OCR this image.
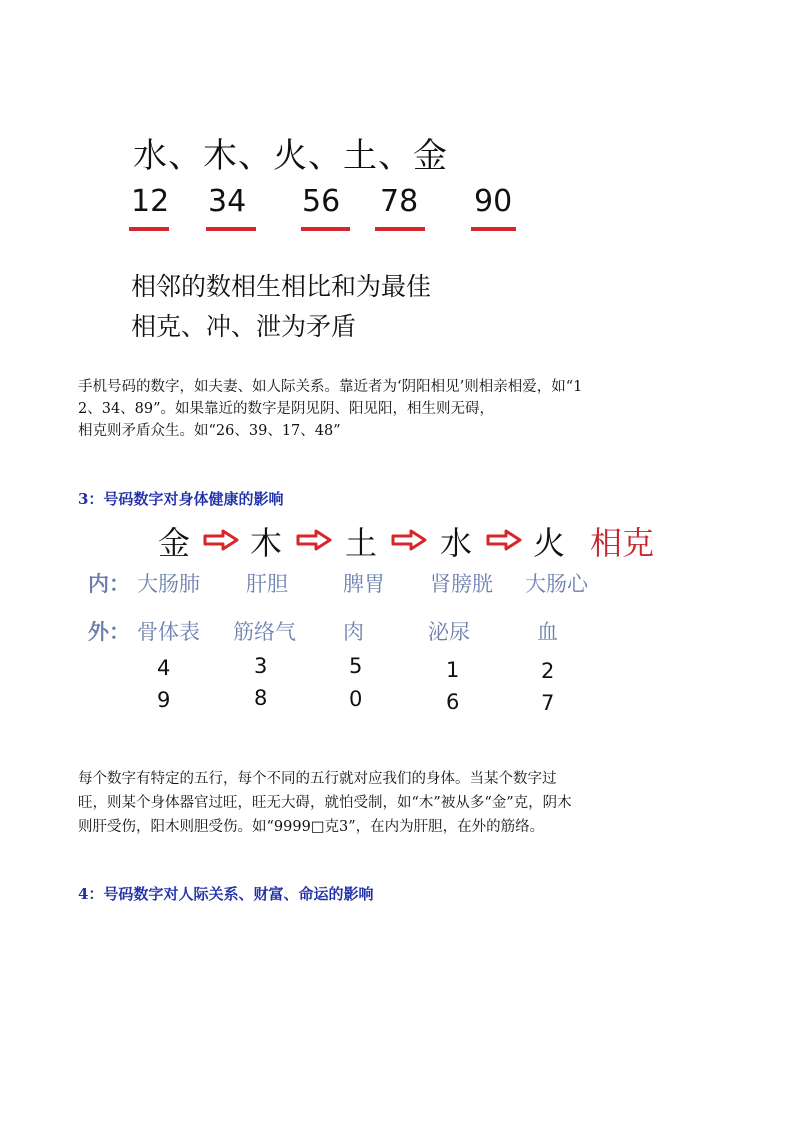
水、木、火、土、金
12 34 56 78 90
相邻的数相生相比和为最佳
相克、冲、泄为矛盾
手机号码的数字，如夫妻、如人际关系。靠近者为‘阴阳相见’则相亲相爱，如“1
2、34、89”。如果靠近的数字是阴见阴、阳见阳，相生则无碍，
相克则矛盾众生。如“26、39、17、48”
3：号码数字对身体健康的影响
金 木 土 水 火 相克
内： 大肠肺 肝胆	脾胃 肾膀胱 大肠心
外： 骨体表 筋络气 肉	泌尿	血
4	3	5	1	2
9	8	0	6	7
每个数字有特定的五行，每个不同的五行就对应我们的身体。当某个数字过
旺，则某个身体器官过旺，旺无大碍，就怕受制，如“木”被从多“金”克，阴木
则肝受伤，阳木则胆受伤。如“9999□克3”，在内为肝胆，在外的筋络。
4：号码数字对人际关系、财富、命运的影响
